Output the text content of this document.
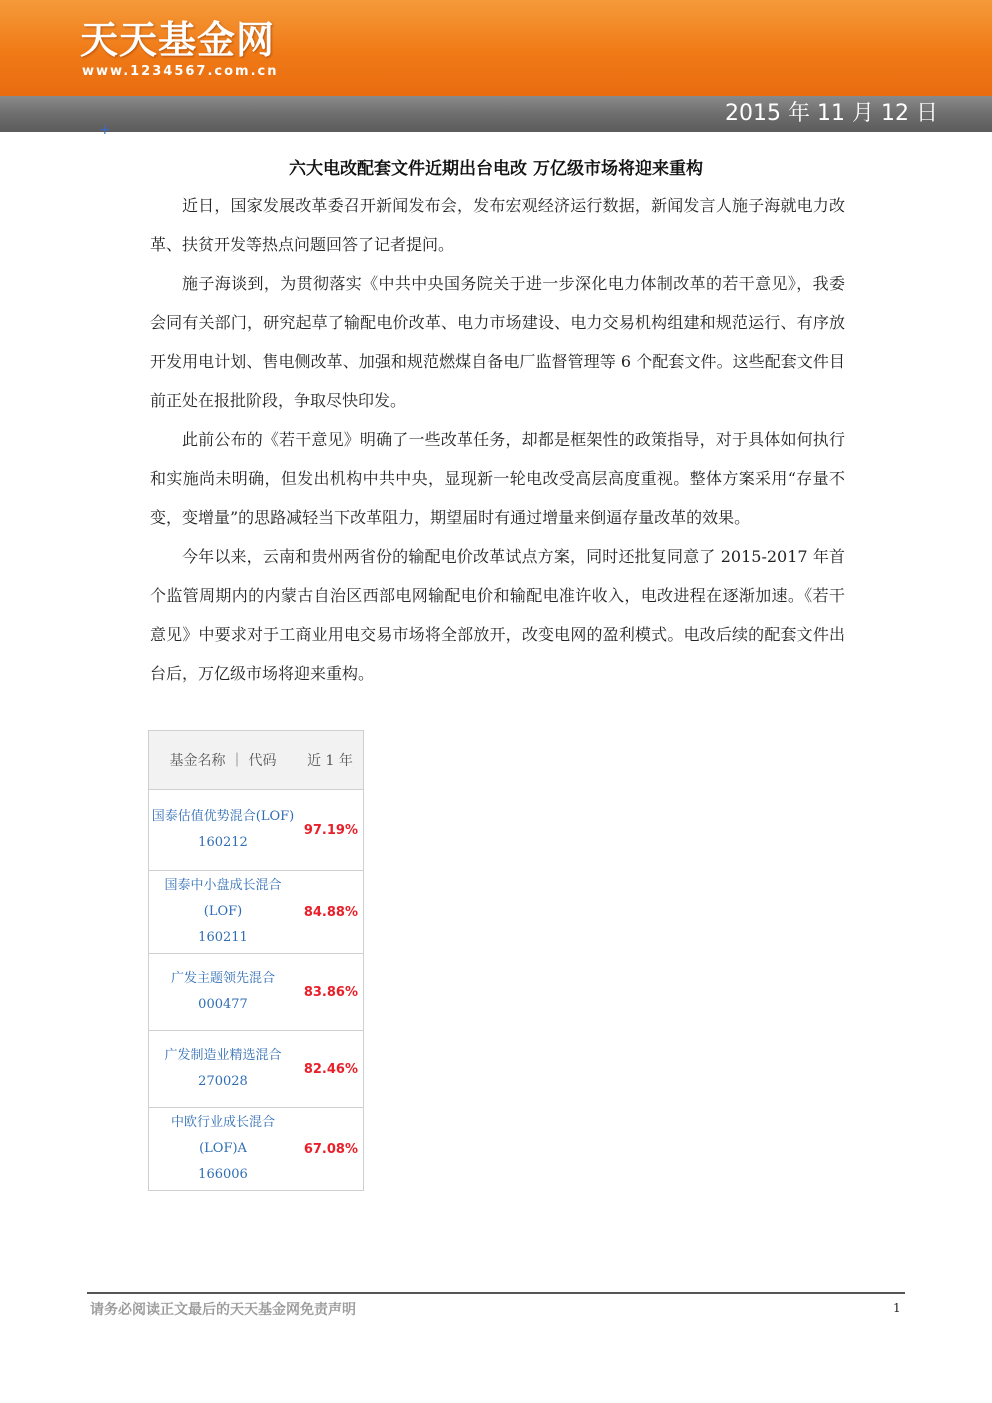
天天基金网
www.1234567.com.cn
2015 年 11 月 12 日
+
六大电改配套文件近期出台电改 万亿级市场将迎来重构

近日，国家发展改革委召开新闻发布会，发布宏观经济运行数据，新闻发言人施子海就电力改革、扶贫开发等热点问题回答了记者提问。

施子海谈到，为贯彻落实《中共中央国务院关于进一步深化电力体制改革的若干意见》，我委会同有关部门，研究起草了输配电价改革、电力市场建设、电力交易机构组建和规范运行、有序放开发用电计划、售电侧改革、加强和规范燃煤自备电厂监督管理等 6 个配套文件。这些配套文件目前正处在报批阶段，争取尽快印发。

此前公布的《若干意见》明确了一些改革任务，却都是框架性的政策指导，对于具体如何执行和实施尚未明确，但发出机构中共中央，显现新一轮电改受高层高度重视。整体方案采用“存量不变，变增量”的思路减轻当下改革阻力，期望届时有通过增量来倒逼存量改革的效果。

今年以来，云南和贵州两省份的输配电价改革试点方案，同时还批复同意了 2015-2017 年首个监管周期内的内蒙古自治区西部电网输配电价和输配电准许收入，电改进程在逐渐加速。《若干意见》中要求对于工商业用电交易市场将全部放开，改变电网的盈利模式。电改后续的配套文件出台后，万亿级市场将迎来重构。

基金名称 ｜ 代码	近 1 年
国泰估值优势混合(LOF)
160212	97.19%
国泰中小盘成长混合(LOF)
160211	84.88%
广发主题领先混合
000477	83.86%
广发制造业精选混合
270028	82.46%
中欧行业成长混合(LOF)A
166006	67.08%
请务必阅读正文最后的天天基金网免责声明	1
